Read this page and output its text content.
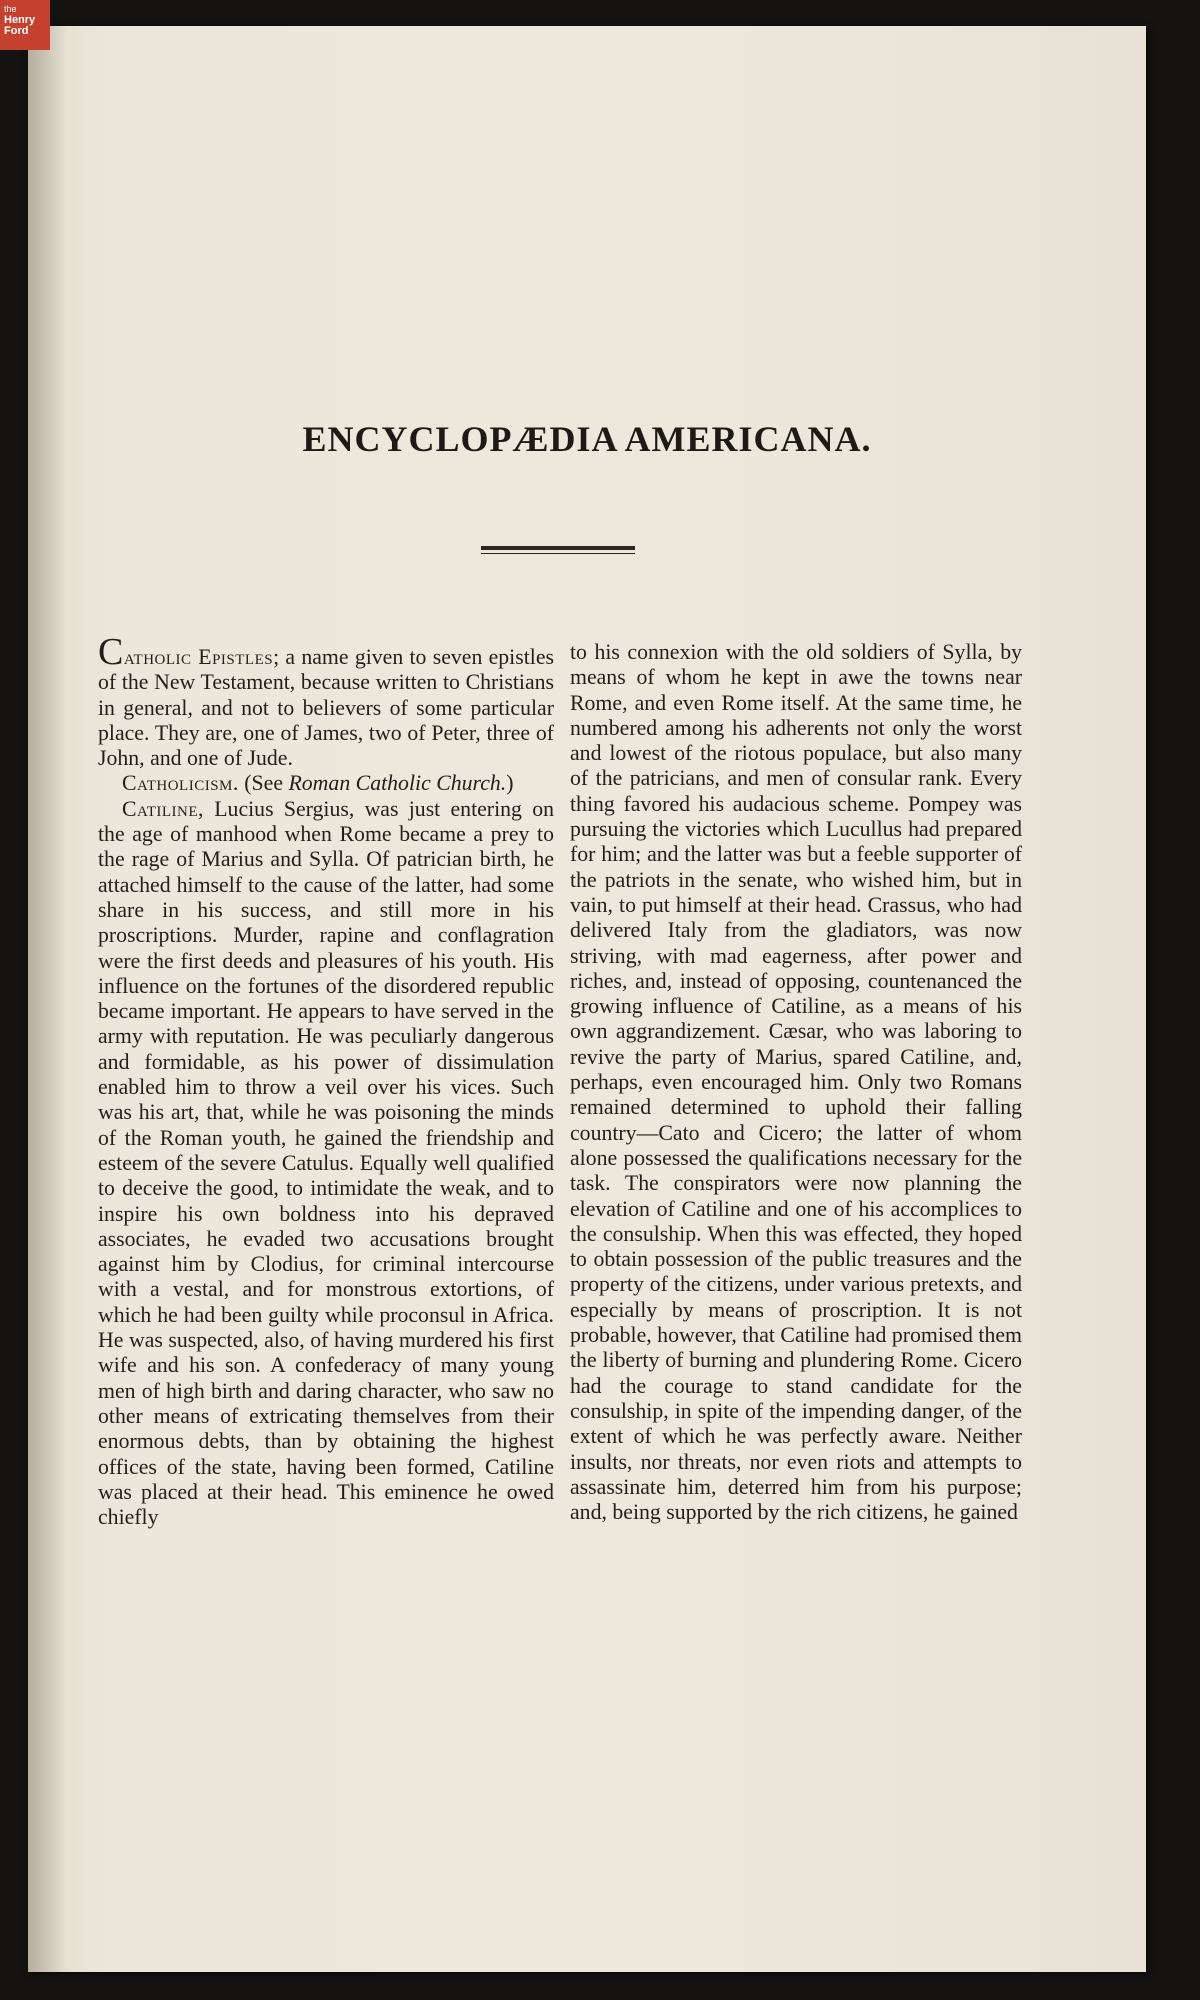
ENCYCLOPÆDIA AMERICANA.

Catholic Epistles; a name given to seven epistles of the New Testament, because written to Christians in general, and not to believers of some particular place. They are, one of James, two of Peter, three of John, and one of Jude.

Catholicism. (See Roman Catholic Church.)

Catiline, Lucius Sergius, was just entering on the age of manhood when Rome became a prey to the rage of Marius and Sylla. Of patrician birth, he attached himself to the cause of the latter, had some share in his success, and still more in his proscriptions. Murder, rapine and conflagration were the first deeds and pleasures of his youth. His influence on the fortunes of the disordered republic became important. He appears to have served in the army with reputation. He was peculiarly dangerous and formidable, as his power of dissimulation enabled him to throw a veil over his vices. Such was his art, that, while he was poisoning the minds of the Roman youth, he gained the friendship and esteem of the severe Catulus. Equally well qualified to deceive the good, to intimidate the weak, and to inspire his own boldness into his depraved associates, he evaded two accusations brought against him by Clodius, for criminal intercourse with a vestal, and for monstrous extortions, of which he had been guilty while proconsul in Africa. He was suspected, also, of having murdered his first wife and his son. A confederacy of many young men of high birth and daring character, who saw no other means of extricating themselves from their enormous debts, than by obtaining the highest offices of the state, having been formed, Catiline was placed at their head. This eminence he owed chiefly

to his connexion with the old soldiers of Sylla, by means of whom he kept in awe the towns near Rome, and even Rome itself. At the same time, he numbered among his adherents not only the worst and lowest of the riotous populace, but also many of the patricians, and men of consular rank. Every thing favored his audacious scheme. Pompey was pursuing the victories which Lucullus had prepared for him; and the latter was but a feeble supporter of the patriots in the senate, who wished him, but in vain, to put himself at their head. Crassus, who had delivered Italy from the gladiators, was now striving, with mad eagerness, after power and riches, and, instead of opposing, countenanced the growing influence of Catiline, as a means of his own aggrandizement. Cæsar, who was laboring to revive the party of Marius, spared Catiline, and, perhaps, even encouraged him. Only two Romans remained determined to uphold their falling country—Cato and Cicero; the latter of whom alone possessed the qualifications necessary for the task. The conspirators were now planning the elevation of Catiline and one of his accomplices to the consulship. When this was effected, they hoped to obtain possession of the public treasures and the property of the citizens, under various pretexts, and especially by means of proscription. It is not probable, however, that Catiline had promised them the liberty of burning and plundering Rome. Cicero had the courage to stand candidate for the consulship, in spite of the impending danger, of the extent of which he was perfectly aware. Neither insults, nor threats, nor even riots and attempts to assassinate him, deterred him from his purpose; and, being supported by the rich citizens, he gained

the
Henry
Ford
